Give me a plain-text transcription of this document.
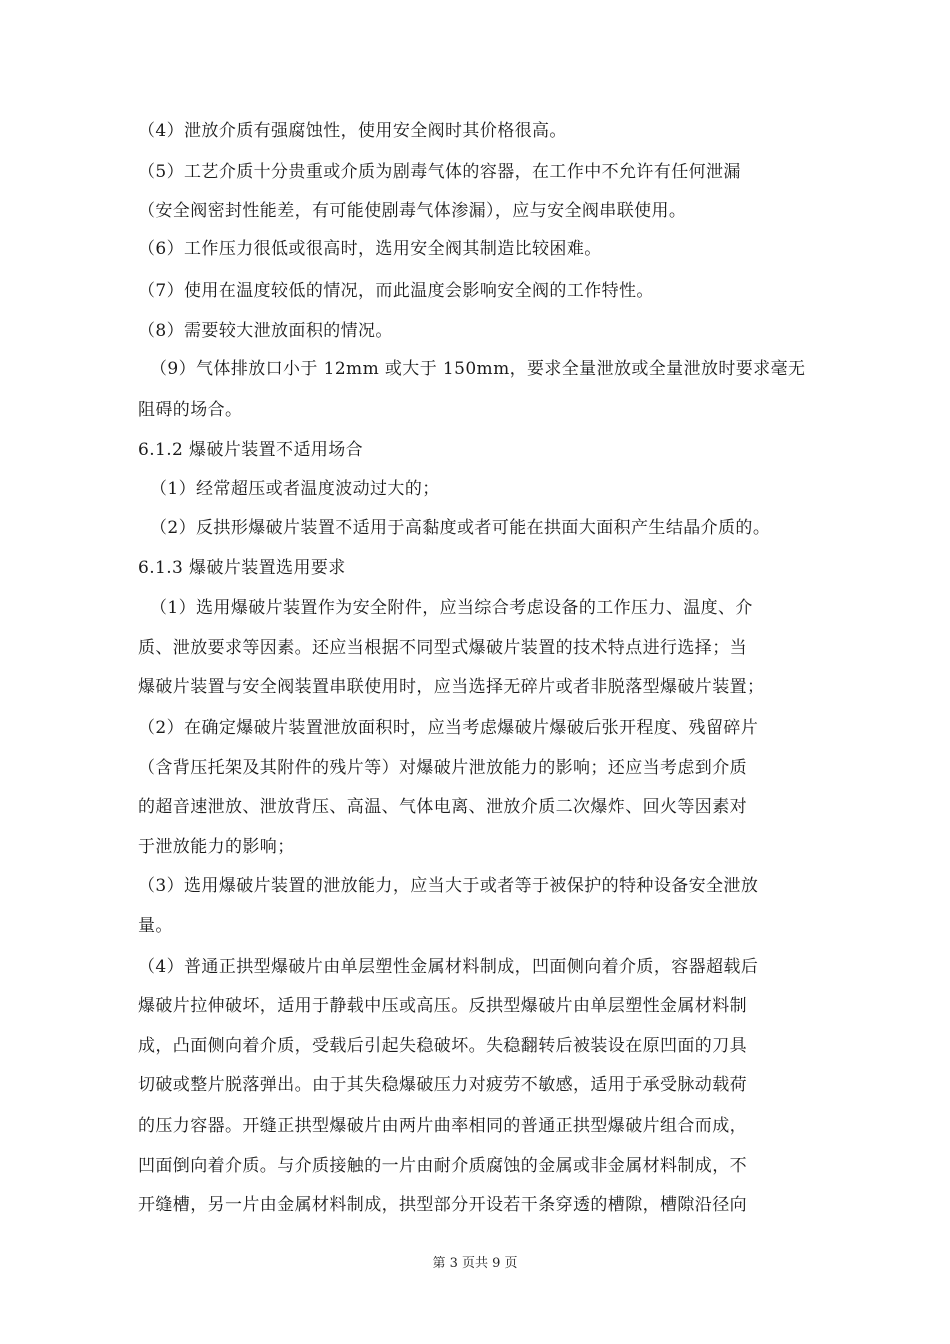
（4）泄放介质有强腐蚀性，使用安全阀时其价格很高。
（5）工艺介质十分贵重或介质为剧毒气体的容器，在工作中不允许有任何泄漏
（安全阀密封性能差，有可能使剧毒气体渗漏），应与安全阀串联使用。
（6）工作压力很低或很高时，选用安全阀其制造比较困难。
（7）使用在温度较低的情况，而此温度会影响安全阀的工作特性。
（8）需要较大泄放面积的情况。
（9）气体排放口小于 12mm 或大于 150mm，要求全量泄放或全量泄放时要求毫无
阻碍的场合。
6.1.2 爆破片装置不适用场合
（1）经常超压或者温度波动过大的；
（2）反拱形爆破片装置不适用于高黏度或者可能在拱面大面积产生结晶介质的。
6.1.3 爆破片装置选用要求
（1）选用爆破片装置作为安全附件，应当综合考虑设备的工作压力、温度、介
质、泄放要求等因素。还应当根据不同型式爆破片装置的技术特点进行选择；当
爆破片装置与安全阀装置串联使用时，应当选择无碎片或者非脱落型爆破片装置；
（2）在确定爆破片装置泄放面积时，应当考虑爆破片爆破后张开程度、残留碎片
（含背压托架及其附件的残片等）对爆破片泄放能力的影响；还应当考虑到介质
的超音速泄放、泄放背压、高温、气体电离、泄放介质二次爆炸、回火等因素对
于泄放能力的影响；
（3）选用爆破片装置的泄放能力，应当大于或者等于被保护的特种设备安全泄放
量。
（4）普通正拱型爆破片由单层塑性金属材料制成，凹面侧向着介质，容器超载后
爆破片拉伸破坏，适用于静载中压或高压。反拱型爆破片由单层塑性金属材料制
成，凸面侧向着介质，受载后引起失稳破坏。失稳翻转后被装设在原凹面的刀具
切破或整片脱落弹出。由于其失稳爆破压力对疲劳不敏感，适用于承受脉动载荷
的压力容器。开缝正拱型爆破片由两片曲率相同的普通正拱型爆破片组合而成，
凹面倒向着介质。与介质接触的一片由耐介质腐蚀的金属或非金属材料制成，不
开缝槽，另一片由金属材料制成，拱型部分开设若干条穿透的槽隙，槽隙沿径向
第 3 页共 9 页
